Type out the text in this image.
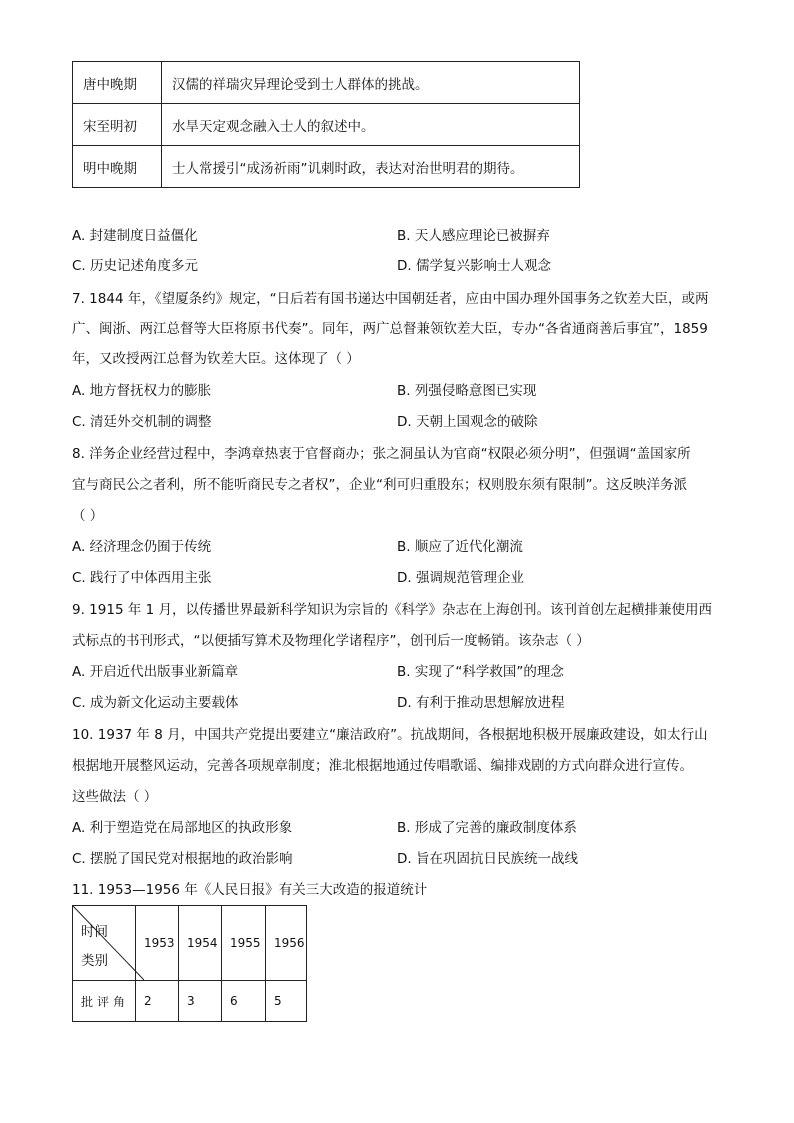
唐中晚期	汉儒的祥瑞灾异理论受到士人群体的挑战。
宋至明初	水旱天定观念融入士人的叙述中。
明中晚期	士人常援引“成汤祈雨”讥刺时政，表达对治世明君的期待。
A. 封建制度日益僵化	B. 天人感应理论已被摒弃
C. 历史记述角度多元	D. 儒学复兴影响士人观念
7. 1844 年，《望厦条约》规定，“日后若有国书递达中国朝廷者，应由中国办理外国事务之钦差大臣，或两
广、闽浙、两江总督等大臣将原书代奏”。同年，两广总督兼领钦差大臣，专办“各省通商善后事宜”，1859
年，又改授两江总督为钦差大臣。这体现了（ ）
A. 地方督抚权力的膨胀	B. 列强侵略意图已实现
C. 清廷外交机制的调整	D. 天朝上国观念的破除
8. 洋务企业经营过程中，李鸿章热衷于官督商办；张之洞虽认为官商“权限必须分明”，但强调“盖国家所
宜与商民公之者利，所不能听商民专之者权”，企业“利可归重股东；权则股东须有限制”。这反映洋务派
（ ）
A. 经济理念仍囿于传统	B. 顺应了近代化潮流
C. 践行了中体西用主张	D. 强调规范管理企业
9. 1915 年 1 月，以传播世界最新科学知识为宗旨的《科学》杂志在上海创刊。该刊首创左起横排兼使用西
式标点的书刊形式，“以便插写算术及物理化学诸程序”，创刊后一度畅销。该杂志（ ）
A. 开启近代出版事业新篇章	B. 实现了“科学救国”的理念
C. 成为新文化运动主要载体	D. 有利于推动思想解放进程
10. 1937 年 8 月，中国共产党提出要建立“廉洁政府”。抗战期间，各根据地积极开展廉政建设，如太行山
根据地开展整风运动，完善各项规章制度；淮北根据地通过传唱歌谣、编排戏剧的方式向群众进行宣传。
这些做法（ ）
A. 利于塑造党在局部地区的执政形象	B. 形成了完善的廉政制度体系
C. 摆脱了国民党对根据地的政治影响	D. 旨在巩固抗日民族统一战线
11. 1953—1956 年《人民日报》有关三大改造的报道统计
时间
类别	1953	1954	1955	1956
批评角	2	3	6	5
